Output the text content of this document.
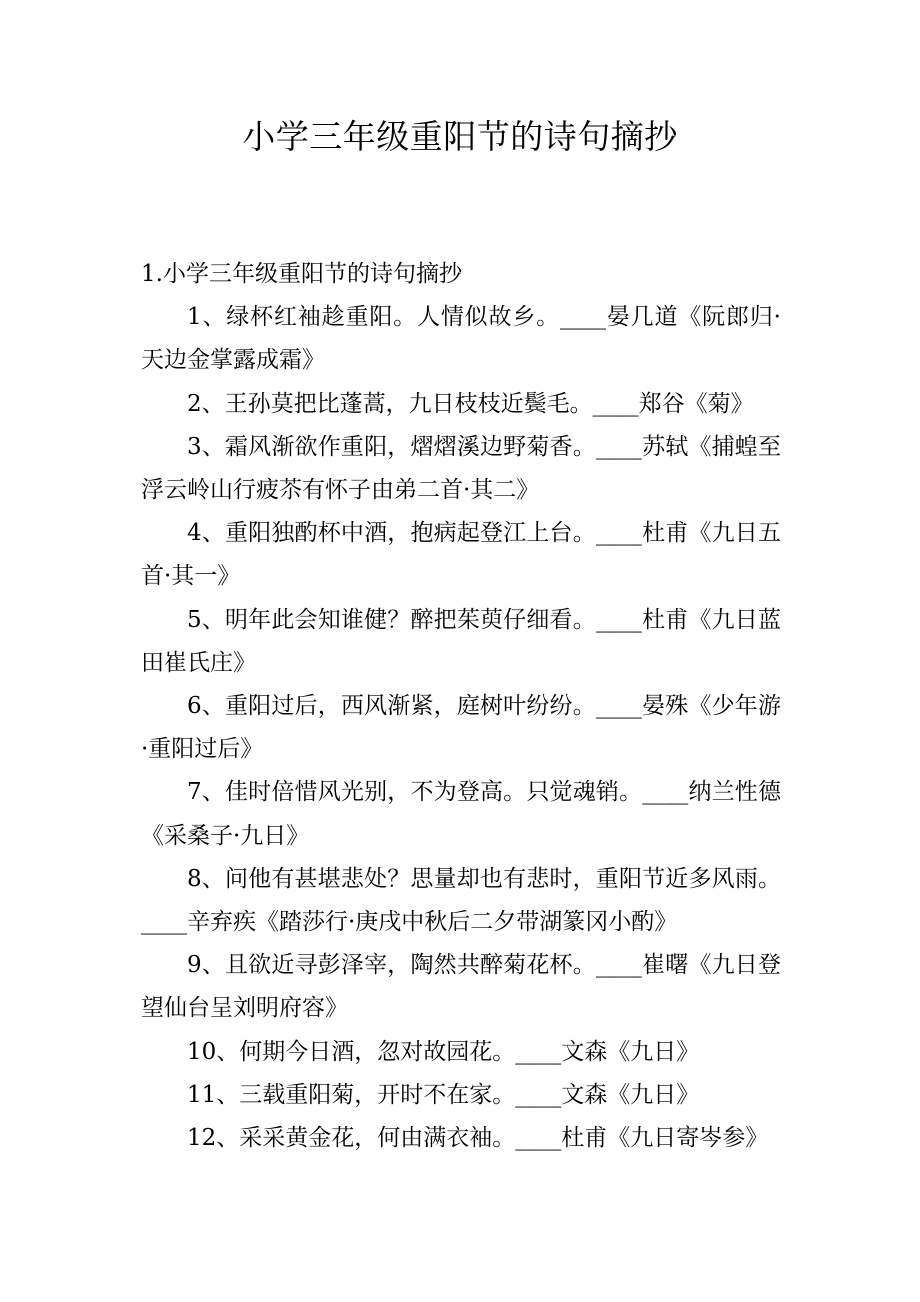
小学三年级重阳节的诗句摘抄
1.小学三年级重阳节的诗句摘抄
1、绿杯红袖趁重阳。人情似故乡。____晏几道《阮郎归·天边金掌露成霜》
2、王孙莫把比蓬蒿，九日枝枝近鬓毛。____郑谷《菊》
3、霜风渐欲作重阳，熠熠溪边野菊香。____苏轼《捕蝗至浮云岭山行疲苶有怀子由弟二首·其二》
4、重阳独酌杯中酒，抱病起登江上台。____杜甫《九日五首·其一》
5、明年此会知谁健？醉把茱萸仔细看。____杜甫《九日蓝田崔氏庄》
6、重阳过后，西风渐紧，庭树叶纷纷。____晏殊《少年游·重阳过后》
7、佳时倍惜风光别，不为登高。只觉魂销。____纳兰性德《采桑子·九日》
8、问他有甚堪悲处？思量却也有悲时，重阳节近多风雨。____辛弃疾《踏莎行·庚戌中秋后二夕带湖篆冈小酌》
9、且欲近寻彭泽宰，陶然共醉菊花杯。____崔曙《九日登望仙台呈刘明府容》
10、何期今日酒，忽对故园花。____文森《九日》
11、三载重阳菊，开时不在家。____文森《九日》
12、采采黄金花，何由满衣袖。____杜甫《九日寄岑参》
